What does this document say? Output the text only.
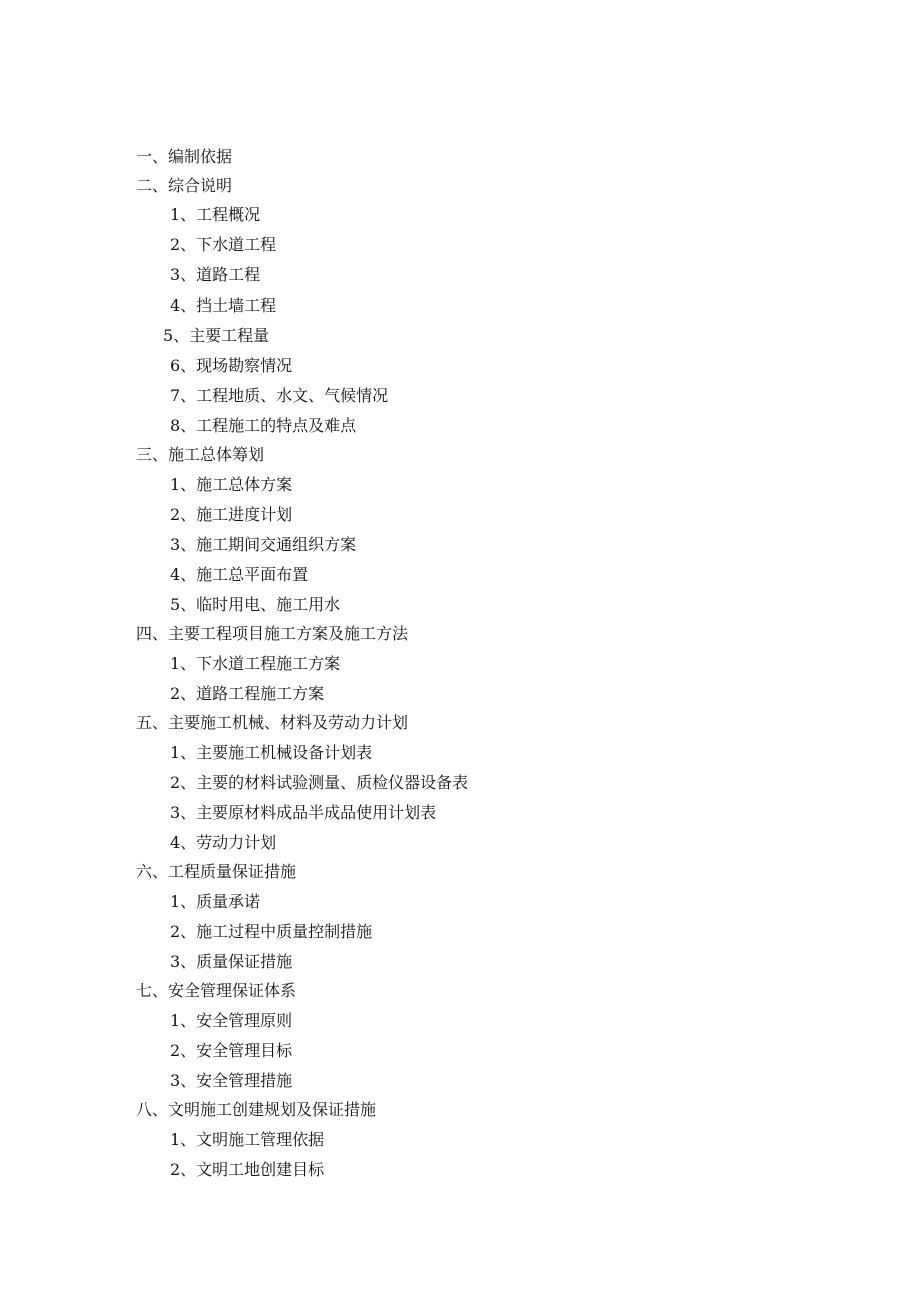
一、编制依据
二、综合说明
1、工程概况
2、下水道工程
3、道路工程
4、挡土墙工程
5、主要工程量
6、现场勘察情况
7、工程地质、水文、气候情况
8、工程施工的特点及难点
三、施工总体筹划
1、施工总体方案
2、施工进度计划
3、施工期间交通组织方案
4、施工总平面布置
5、临时用电、施工用水
四、主要工程项目施工方案及施工方法
1、下水道工程施工方案
2、道路工程施工方案
五、主要施工机械、材料及劳动力计划
1、主要施工机械设备计划表
2、主要的材料试验测量、质检仪器设备表
3、主要原材料成品半成品使用计划表
4、劳动力计划
六、工程质量保证措施
1、质量承诺
2、施工过程中质量控制措施
3、质量保证措施
七、安全管理保证体系
1、安全管理原则
2、安全管理目标
3、安全管理措施
八、文明施工创建规划及保证措施
1、文明施工管理依据
2、文明工地创建目标
